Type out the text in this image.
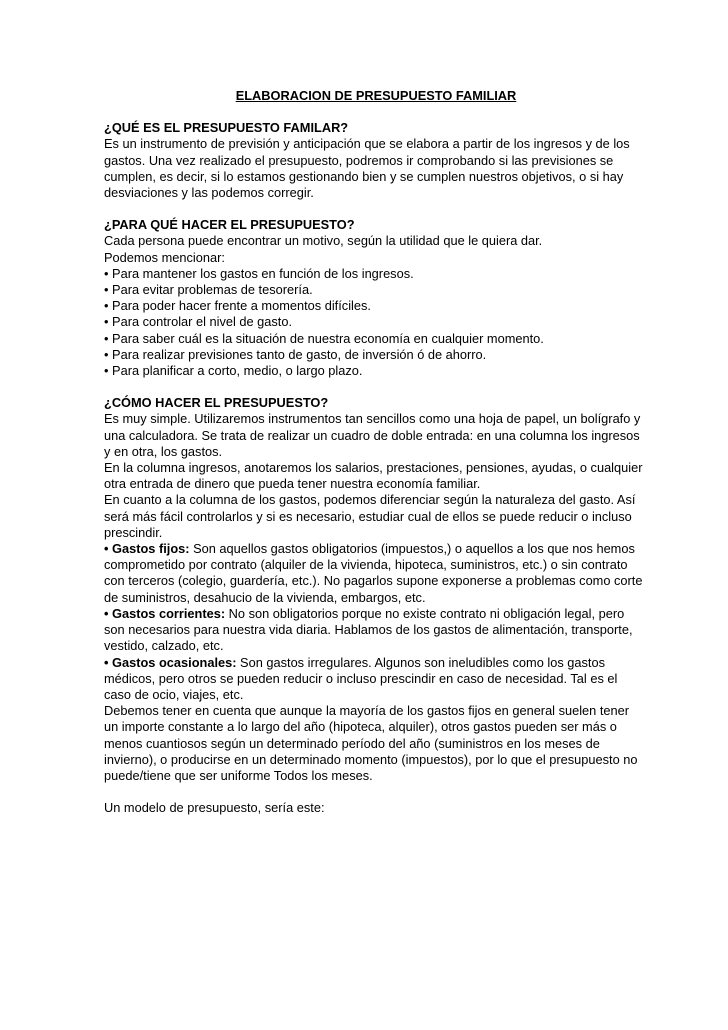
ELABORACION DE PRESUPUESTO FAMILIAR
¿QUÉ ES EL PRESUPUESTO FAMILAR?
Es un instrumento de previsión y anticipación que se elabora a partir de los ingresos y de los gastos. Una vez realizado el presupuesto, podremos ir comprobando si las previsiones se cumplen, es decir, si lo estamos gestionando bien y se cumplen nuestros objetivos, o si hay desviaciones y las podemos corregir.
¿PARA QUÉ HACER EL PRESUPUESTO?
Cada persona puede encontrar un motivo, según la utilidad que le quiera dar.
Podemos mencionar:
• Para mantener los gastos en función de los ingresos.
• Para evitar problemas de tesorería.
• Para poder hacer frente a momentos difíciles.
• Para controlar el nivel de gasto.
• Para saber cuál es la situación de nuestra economía en cualquier momento.
• Para realizar previsiones tanto de gasto, de inversión ó de ahorro.
• Para planificar a corto, medio, o largo plazo.
¿CÓMO HACER EL PRESUPUESTO?
Es muy simple. Utilizaremos instrumentos tan sencillos como una hoja de papel, un bolígrafo y una calculadora. Se trata de realizar un cuadro de doble entrada: en una columna los ingresos y en otra, los gastos.
En la columna ingresos, anotaremos los salarios, prestaciones, pensiones, ayudas, o cualquier otra entrada de dinero que pueda tener nuestra economía familiar.
En cuanto a la columna de los gastos, podemos diferenciar según la naturaleza del gasto. Así será más fácil controlarlos y si es necesario, estudiar cual de ellos se puede reducir o incluso prescindir.
• Gastos fijos: Son aquellos gastos obligatorios (impuestos,) o aquellos a los que nos hemos comprometido por contrato (alquiler de la vivienda, hipoteca, suministros, etc.) o sin contrato con terceros (colegio, guardería, etc.). No pagarlos supone exponerse a problemas como corte de suministros, desahucio de la vivienda, embargos, etc.
• Gastos corrientes: No son obligatorios porque no existe contrato ni obligación legal, pero son necesarios para nuestra vida diaria. Hablamos de los gastos de alimentación, transporte, vestido, calzado, etc.
• Gastos ocasionales: Son gastos irregulares. Algunos son ineludibles como los gastos médicos, pero otros se pueden reducir o incluso prescindir en caso de necesidad. Tal es el caso de ocio, viajes, etc.
Debemos tener en cuenta que aunque la mayoría de los gastos fijos en general suelen tener un importe constante a lo largo del año (hipoteca, alquiler), otros gastos pueden ser más o menos cuantiosos según un determinado período del año (suministros en los meses de invierno), o producirse en un determinado momento (impuestos), por lo que el presupuesto no puede/tiene que ser uniforme Todos los meses.
Un modelo de presupuesto, sería este:
